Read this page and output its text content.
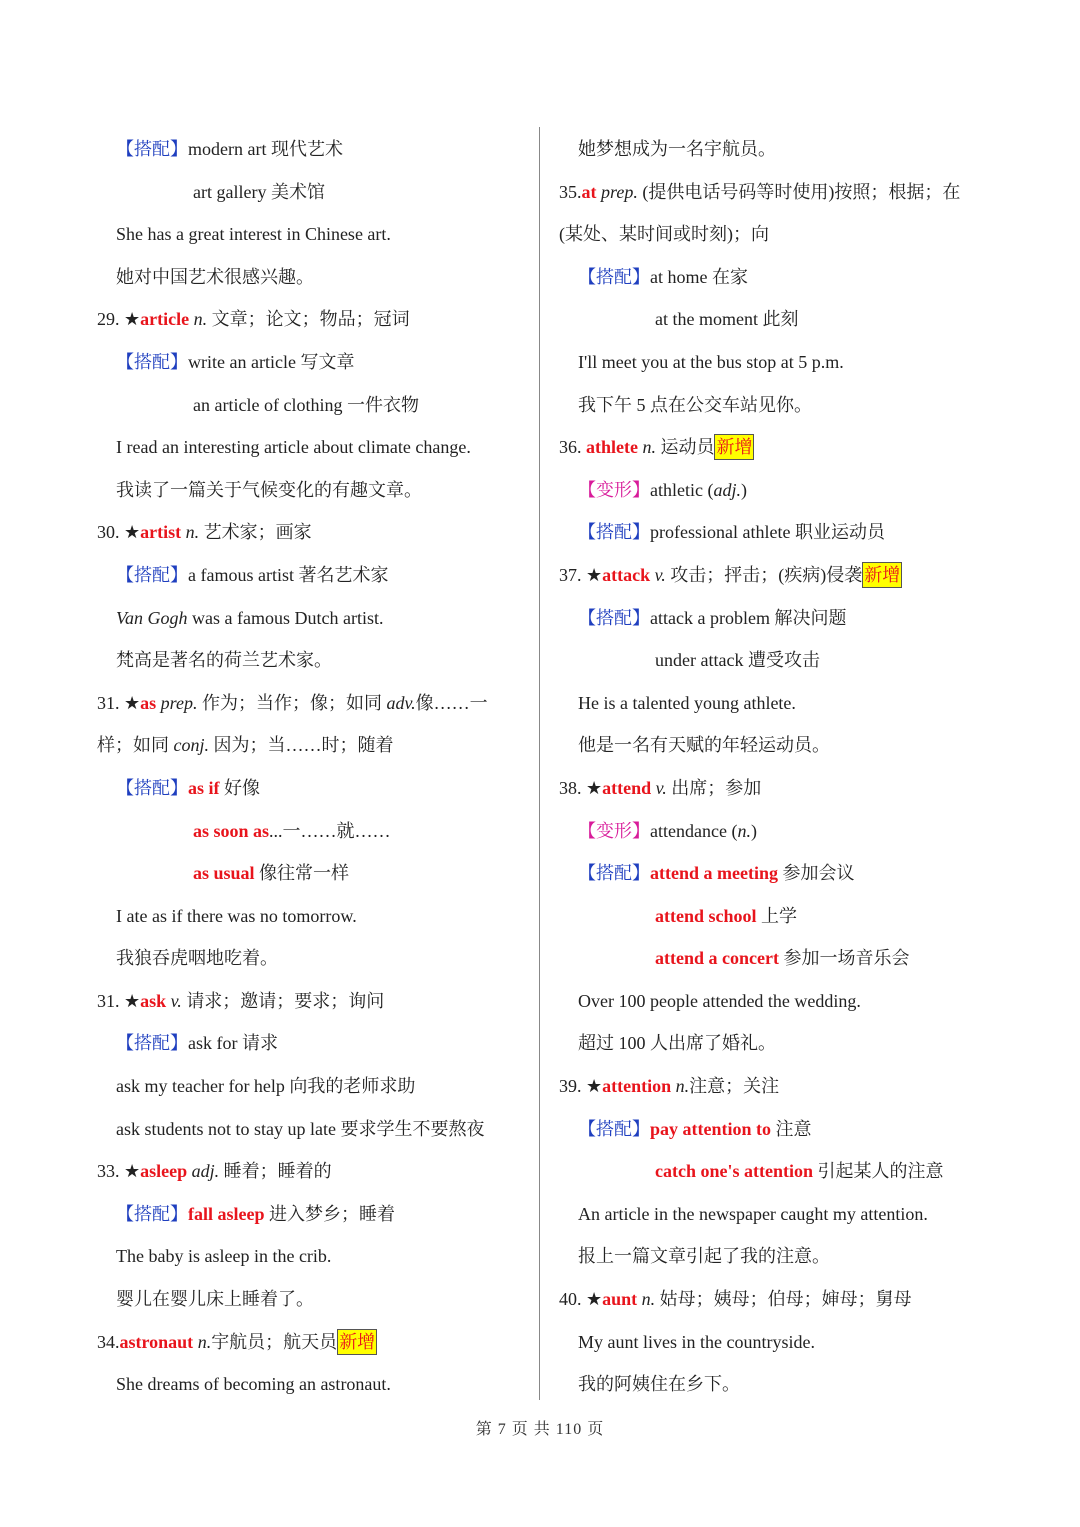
【搭配】modern art 现代艺术
art gallery 美术馆
She has a great interest in Chinese art.
她对中国艺术很感兴趣。
29. ★article n. 文章；论文；物品；冠词
【搭配】write an article 写文章
an article of clothing 一件衣物
I read an interesting article about climate change.
我读了一篇关于气候变化的有趣文章。
30. ★artist n. 艺术家；画家
【搭配】a famous artist 著名艺术家
Van Gogh was a famous Dutch artist.
梵高是著名的荷兰艺术家。
31. ★as prep. 作为；当作；像；如同 adv.像……一
样；如同 conj. 因为；当……时；随着
【搭配】as if 好像
as soon as...一……就……
as usual 像往常一样
I ate as if there was no tomorrow.
我狼吞虎咽地吃着。
31. ★ask v. 请求；邀请；要求；询问
【搭配】ask for 请求
ask my teacher for help 向我的老师求助
ask students not to stay up late 要求学生不要熬夜
33. ★asleep adj. 睡着；睡着的
【搭配】fall asleep 进入梦乡；睡着
The baby is asleep in the crib.
婴儿在婴儿床上睡着了。
34.astronaut n.宇航员；航天员 新增
She dreams of becoming an astronaut.
她梦想成为一名宇航员。
35.at prep. (提供电话号码等时使用)按照；根据；在
(某处、某时间或时刻)；向
【搭配】at home 在家
at the moment 此刻
I'll meet you at the bus stop at 5 p.m.
我下午 5 点在公交车站见你。
36. athlete n. 运动员 新增
【变形】athletic (adj.)
【搭配】professional athlete 职业运动员
37. ★attack v. 攻击；抨击；(疾病)侵袭 新增
【搭配】attack a problem 解决问题
under attack 遭受攻击
He is a talented young athlete.
他是一名有天赋的年轻运动员。
38. ★attend v. 出席；参加
【变形】attendance (n.)
【搭配】attend a meeting 参加会议
attend school 上学
attend a concert 参加一场音乐会
Over 100 people attended the wedding.
超过 100 人出席了婚礼。
39. ★attention n.注意；关注
【搭配】pay attention to 注意
catch one's attention 引起某人的注意
An article in the newspaper caught my attention.
报上一篇文章引起了我的注意。
40. ★aunt n. 姑母；姨母；伯母；婶母；舅母
My aunt lives in the countryside.
我的阿姨住在乡下。
第 7 页 共 110 页
